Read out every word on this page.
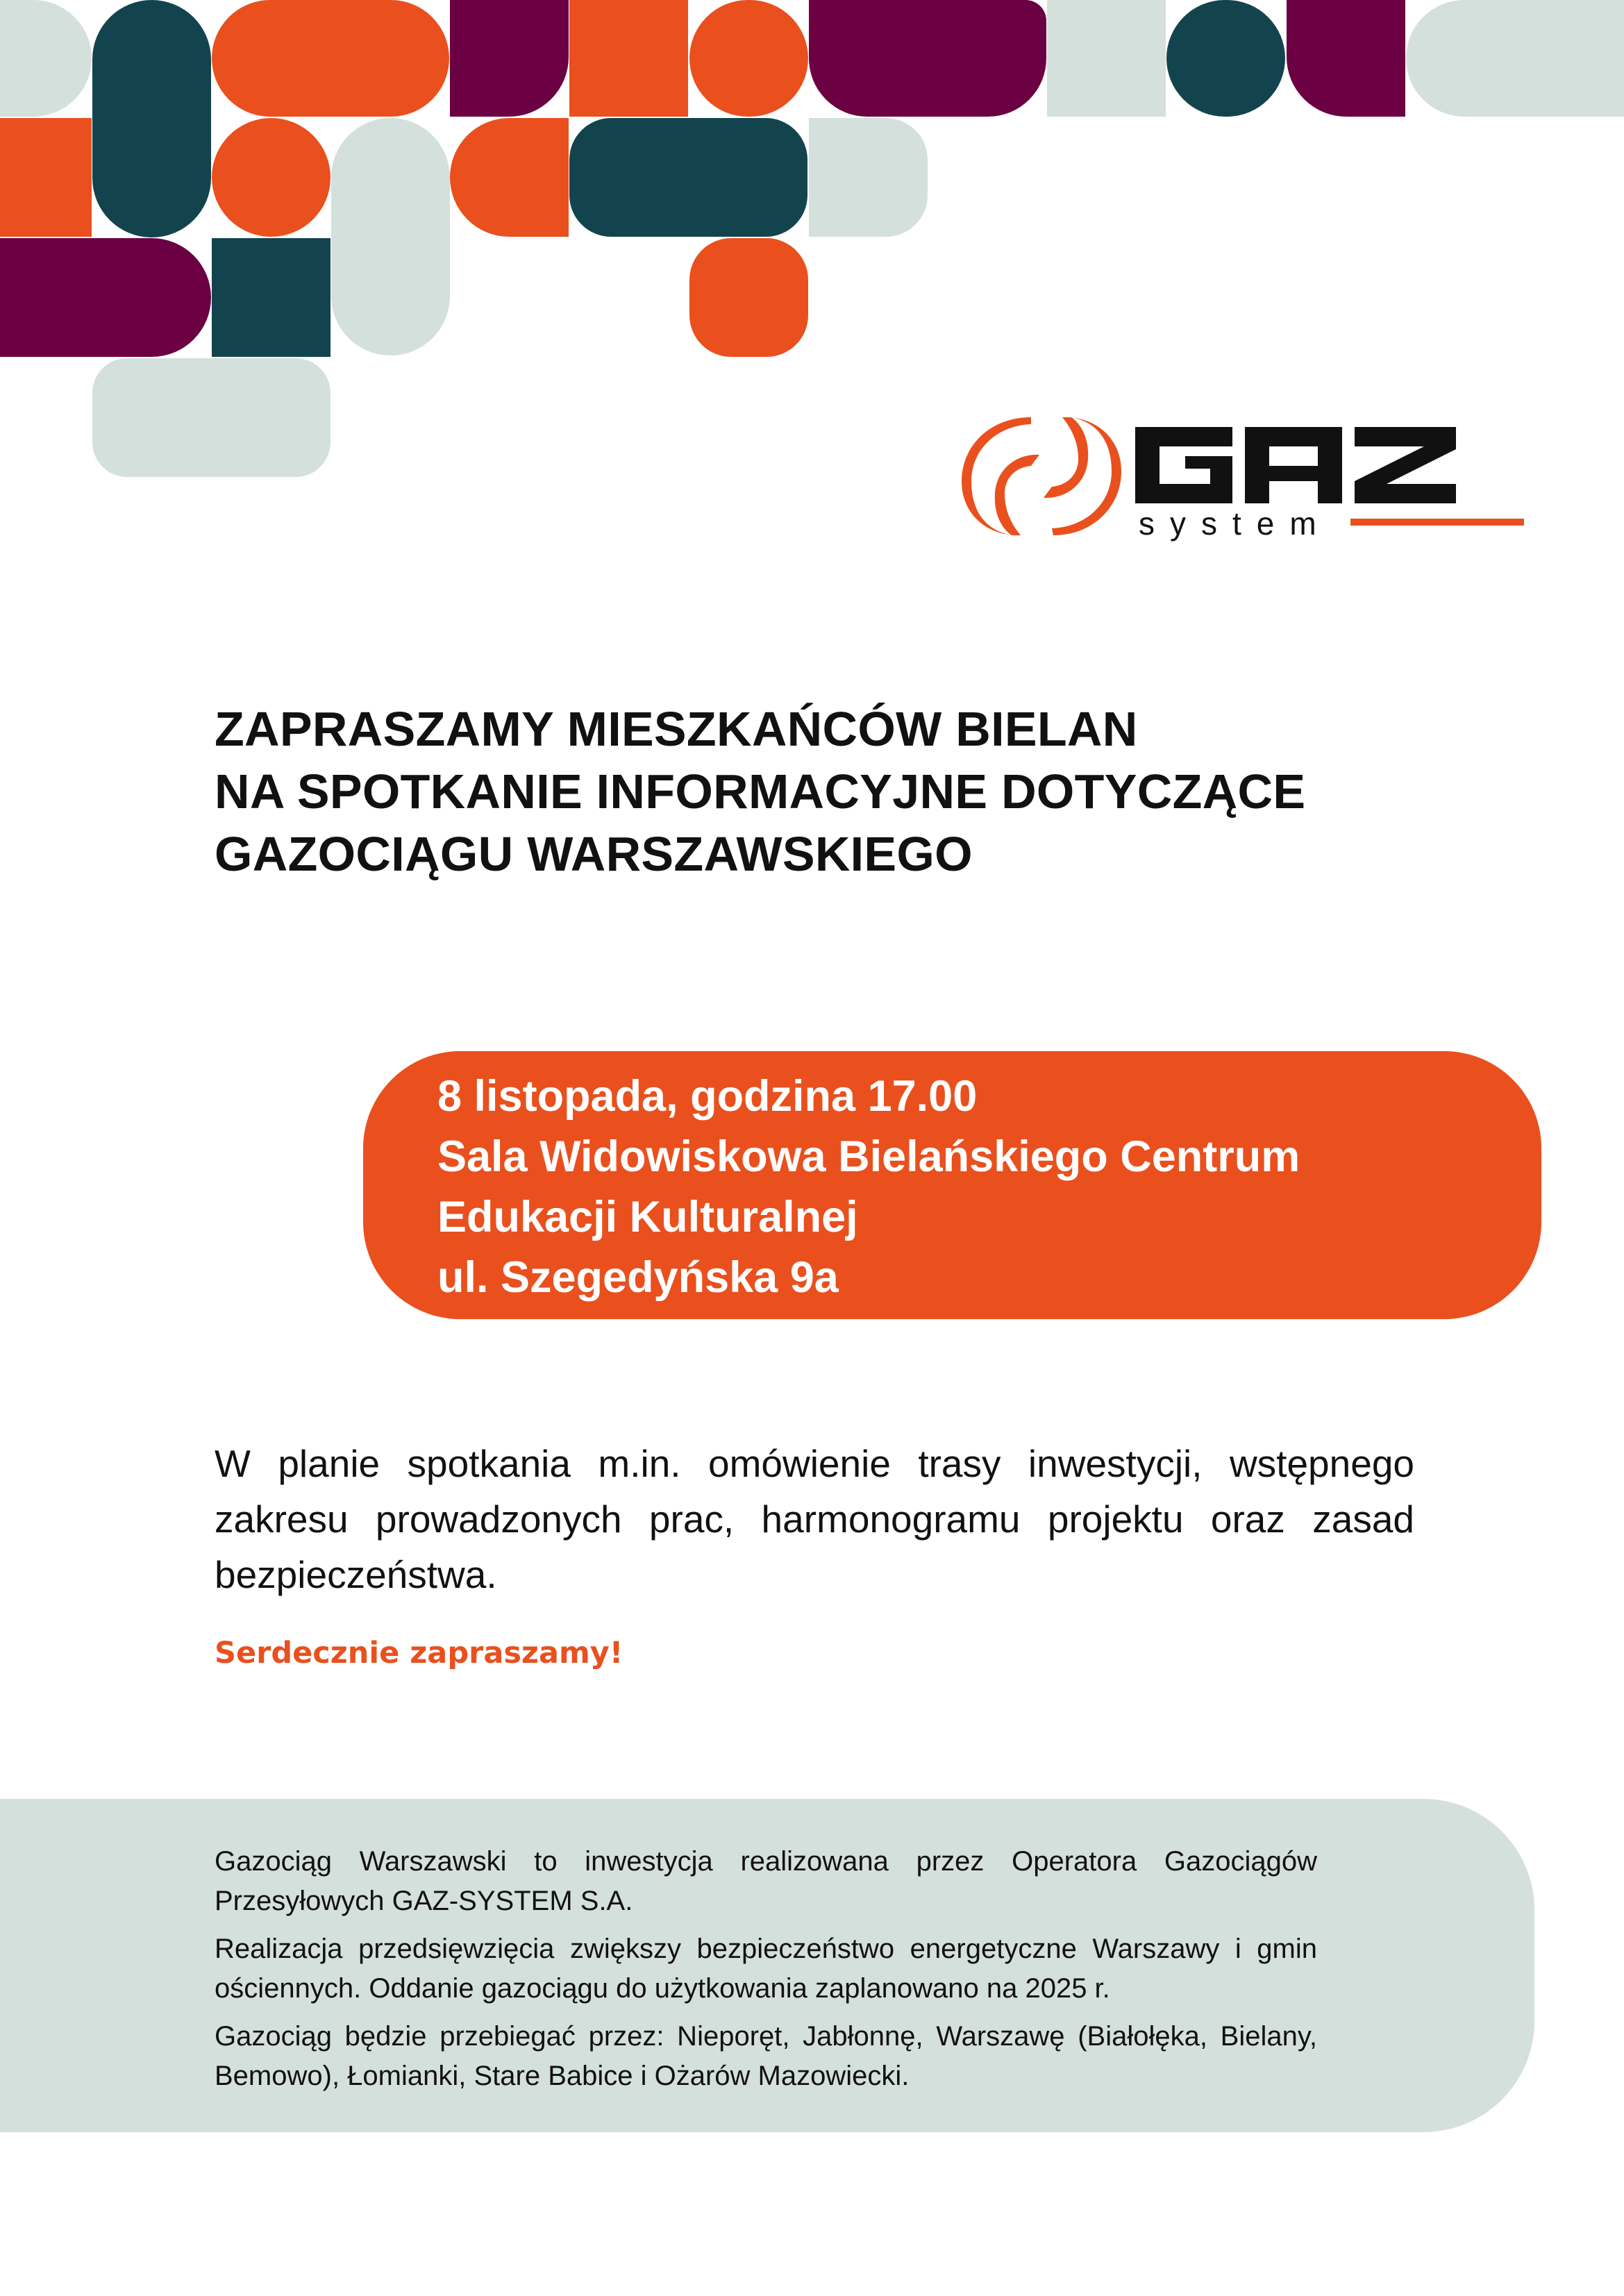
system
ZAPRASZAMY MIESZKAŃCÓW BIELAN
NA SPOTKANIE INFORMACYJNE DOTYCZĄCE
GAZOCIĄGU WARSZAWSKIEGO
8 listopada, godzina 17.00
Sala Widowiskowa Bielańskiego Centrum
Edukacji Kulturalnej
ul. Szegedyńska 9a

W planie spotkania m.in. omówienie trasy inwestycji, wstępnego zakresu prowadzonych prac, harmonogramu projektu oraz zasad bezpieczeństwa.

Serdecznie zapraszamy!

Gazociąg Warszawski to inwestycja realizowana przez Operatora Gazociągów Przesyłowych GAZ-SYSTEM S.A.

Realizacja przedsięwzięcia zwiększy bezpieczeństwo energetyczne Warszawy i gmin ościennych. Oddanie gazociągu do użytkowania zaplanowano na 2025 r.

Gazociąg będzie przebiegać przez: Nieporęt, Jabłonnę, Warszawę (Białołęka, Bielany, Bemowo), Łomianki, Stare Babice i Ożarów Mazowiecki.
